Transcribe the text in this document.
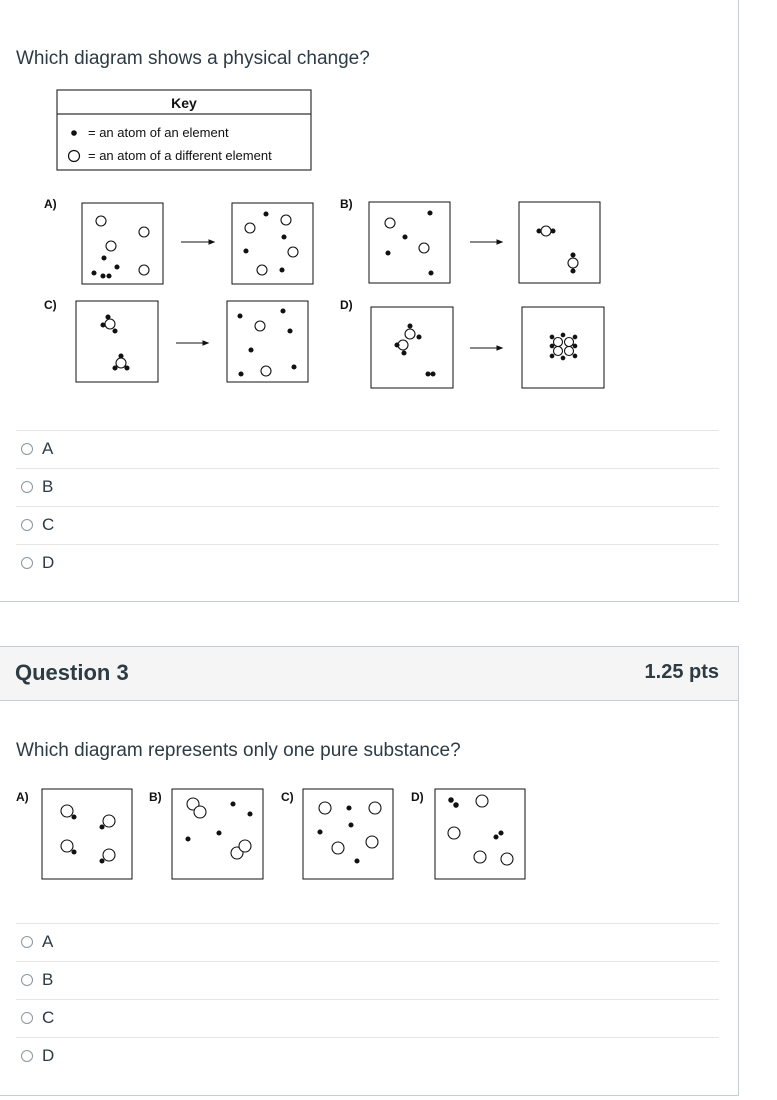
Which diagram shows a physical change?
Key
= an atom of an element
= an atom of a different element
A)	B)
C)	D)
A
B
C
D
Question 3	1.25 pts
Which diagram represents only one pure substance?
A)	B)	C)	D)
A
B
C
D
